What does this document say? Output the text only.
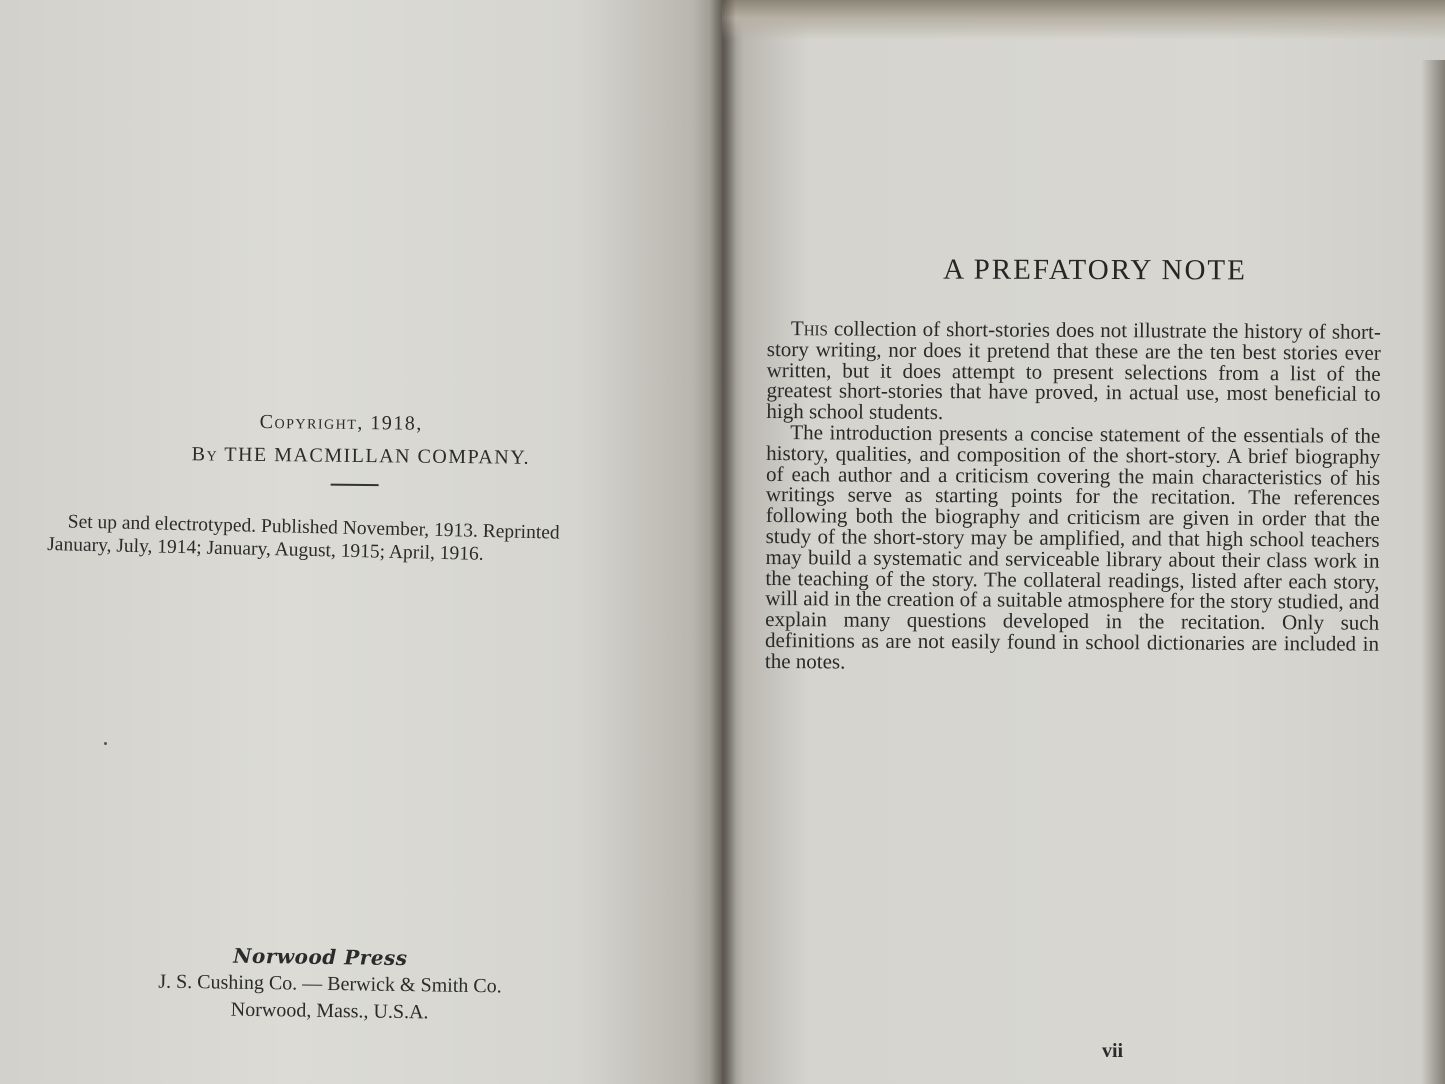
Copyright, 1918,
By THE MACMILLAN COMPANY.
Set up and electrotyped. Published November, 1913. Reprinted
January, July, 1914; January, August, 1915; April, 1916.
Norwood Press
J. S. Cushing Co. — Berwick & Smith Co.
Norwood, Mass., U.S.A.
A PREFATORY NOTE

This collection of short-stories does not illustrate the history of short-story writing, nor does it pretend that these are the ten best stories ever written, but it does attempt to present selections from a list of the greatest short-stories that have proved, in actual use, most beneficial to high school students.

The introduction presents a concise statement of the essentials of the history, qualities, and composition of the short-story. A brief biography of each author and a criticism covering the main characteristics of his writings serve as starting points for the recitation. The references following both the biography and criticism are given in order that the study of the short-story may be amplified, and that high school teachers may build a systematic and serviceable library about their class work in the teaching of the story. The collateral readings, listed after each story, will aid in the creation of a suitable atmosphere for the story studied, and explain many questions developed in the recitation. Only such definitions as are not easily found in school dictionaries are included in the notes.

vii
